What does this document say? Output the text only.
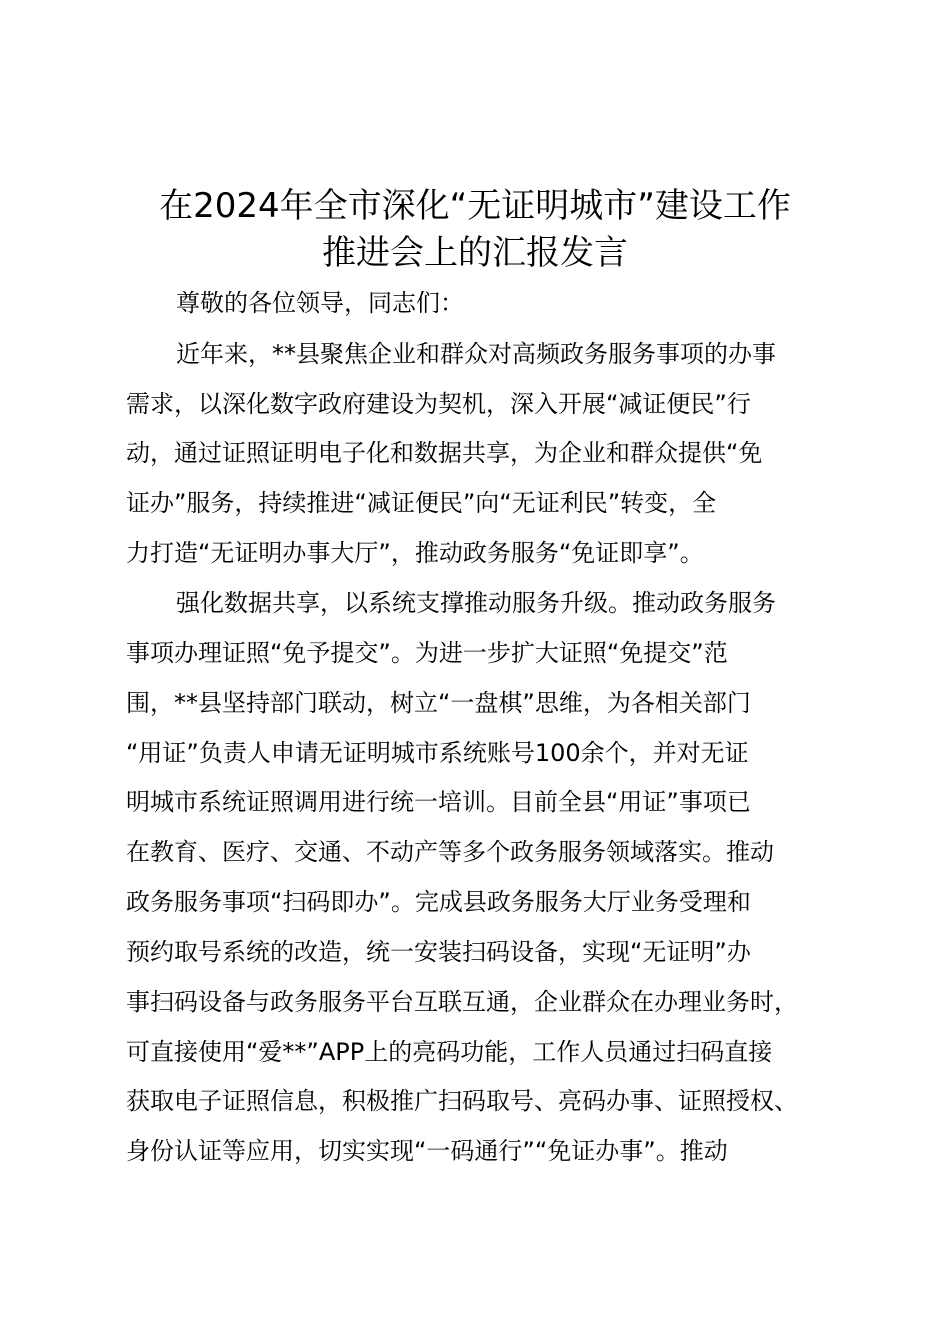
在2024年全市深化“无证明城市”建设工作
推进会上的汇报发言
尊敬的各位领导，同志们：
近年来，**县聚焦企业和群众对高频政务服务事项的办事
需求，以深化数字政府建设为契机，深入开展“减证便民”行
动，通过证照证明电子化和数据共享，为企业和群众提供“免
证办”服务，持续推进“减证便民”向“无证利民”转变，全
力打造“无证明办事大厅”，推动政务服务“免证即享”。
强化数据共享，以系统支撑推动服务升级。推动政务服务
事项办理证照“免予提交”。为进一步扩大证照“免提交”范
围，**县坚持部门联动，树立“一盘棋”思维，为各相关部门
“用证”负责人申请无证明城市系统账号100余个，并对无证
明城市系统证照调用进行统一培训。目前全县“用证”事项已
在教育、医疗、交通、不动产等多个政务服务领域落实。推动
政务服务事项“扫码即办”。完成县政务服务大厅业务受理和
预约取号系统的改造，统一安装扫码设备，实现“无证明”办
事扫码设备与政务服务平台互联互通，企业群众在办理业务时，
可直接使用“爱**”APP上的亮码功能，工作人员通过扫码直接
获取电子证照信息，积极推广扫码取号、亮码办事、证照授权、
身份认证等应用，切实实现“一码通行”“免证办事”。推动
